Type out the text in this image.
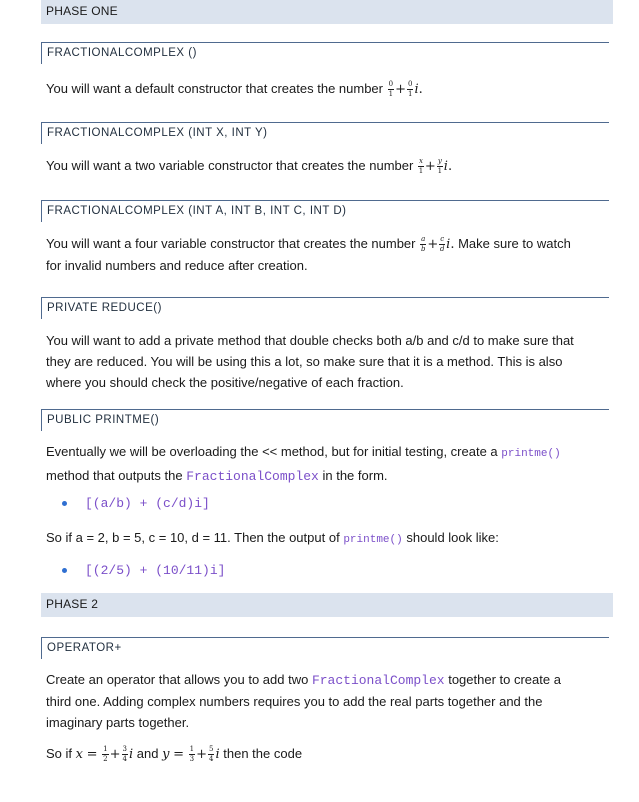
PHASE ONE
FRACTIONALCOMPLEX ()
You will want a default constructor that creates the number $\frac{0}{1} + \frac{0}{1} i$.
FRACTIONALCOMPLEX (INT X, INT Y)
You will want a two variable constructor that creates the number $\frac{x}{1} + \frac{y}{1} i$.
FRACTIONALCOMPLEX (INT A, INT B, INT C, INT D)
You will want a four variable constructor that creates the number $\frac{a}{b} + \frac{c}{d} i$. Make sure to watch
for invalid numbers and reduce after creation.
PRIVATE REDUCE()
You will want to add a private method that double checks both a/b and c/d to make sure that
they are reduced. You will be using this a lot, so make sure that it is a method. This is also
where you should check the positive/negative of each fraction.
PUBLIC PRINTME()
Eventually we will be overloading the << method, but for initial testing, create a printme()
method that outputs the FractionalComplex in the form.
[(a/b) + (c/d)i]
So if a = 2, b = 5, c = 10, d = 11. Then the output of printme() should look like:
[(2/5) + (10/11)i]
PHASE 2
OPERATOR+
Create an operator that allows you to add two FractionalComplex together to create a
third one. Adding complex numbers requires you to add the real parts together and the
imaginary parts together.
So if $x = \frac{1}{2} + \frac{3}{4}$ i and $y = \frac{1}{3} + \frac{5}{4}$ i then the code
